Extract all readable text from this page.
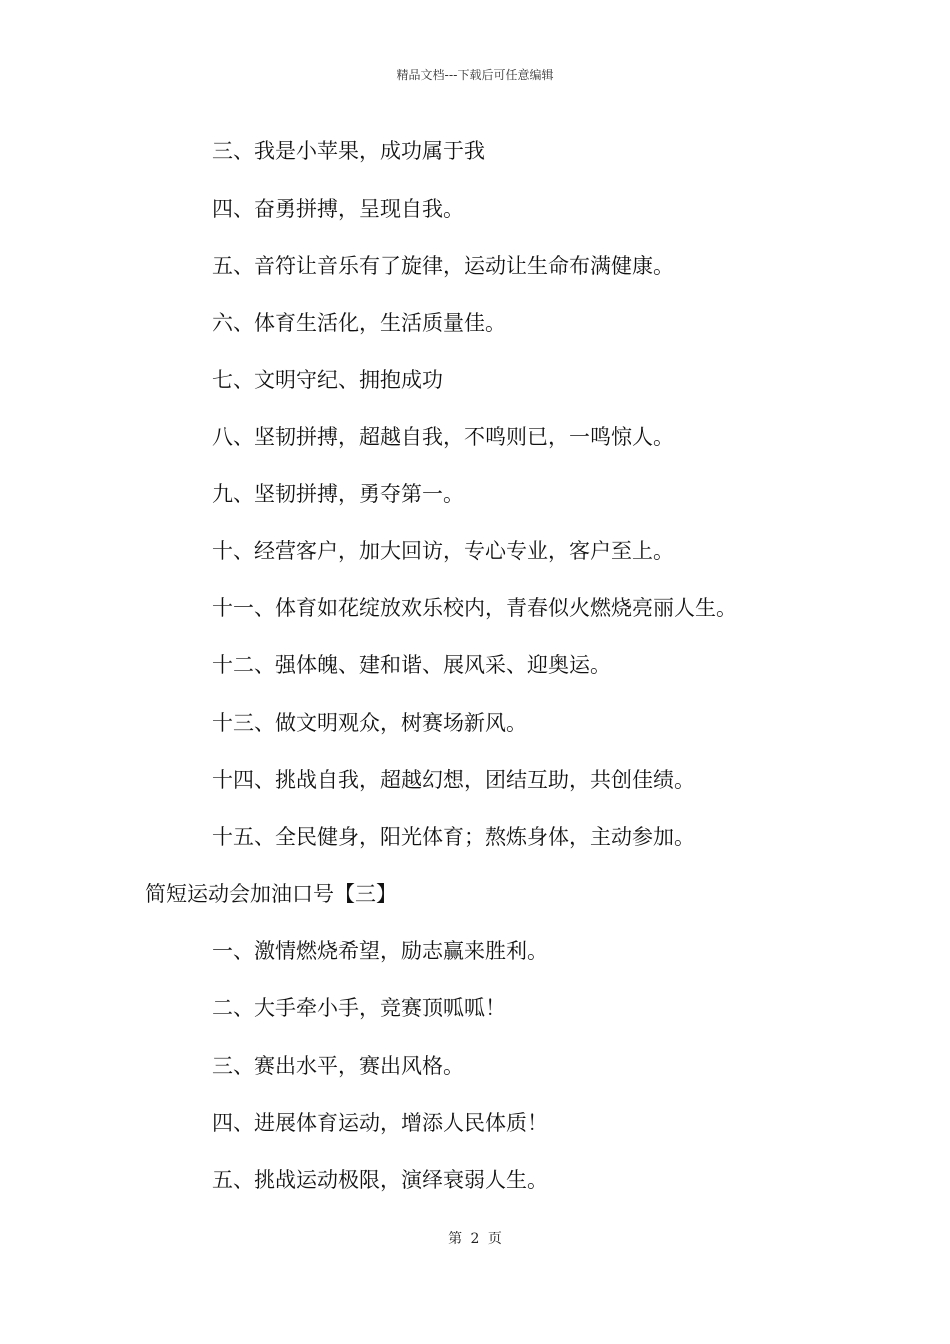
精品文档---下载后可任意编辑
三、我是小苹果，成功属于我
四、奋勇拼搏，呈现自我。
五、音符让音乐有了旋律，运动让生命布满健康。
六、体育生活化，生活质量佳。
七、文明守纪、拥抱成功
八、坚韧拼搏，超越自我，不鸣则已，一鸣惊人。
九、坚韧拼搏，勇夺第一。
十、经营客户，加大回访，专心专业，客户至上。
十一、体育如花绽放欢乐校内，青春似火燃烧亮丽人生。
十二、强体魄、建和谐、展风采、迎奥运。
十三、做文明观众，树赛场新风。
十四、挑战自我，超越幻想，团结互助，共创佳绩。
十五、全民健身，阳光体育；熬炼身体，主动参加。
简短运动会加油口号【三】
一、激情燃烧希望，励志赢来胜利。
二、大手牵小手，竞赛顶呱呱！
三、赛出水平，赛出风格。
四、进展体育运动，增添人民体质！
五、挑战运动极限，演绎衰弱人生。
第 2 页
